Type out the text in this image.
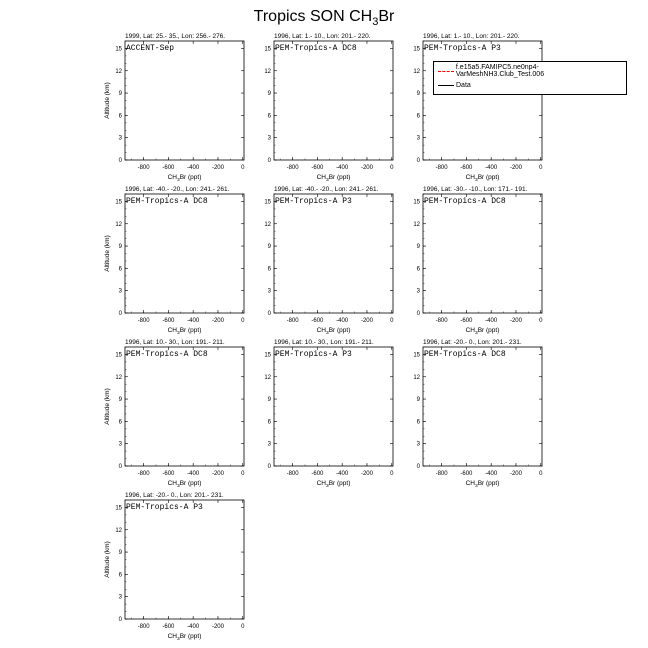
Tropics SON $CH_3Br$
-800 -600 -400 -200	0
0
3
6
9
12
15
1999, Lat: 25.- 35., Lon: 256.- 276.
ACCENT-Sep
$CH_3Br$ (ppt)
Altitude (km)
-800 -600 -400 -200	0
0
3
6
9
12
15
1996, Lat: 1.- 10., Lon: 201.- 220.
PEM-Tropics-A DC8
$CH_3Br$ (ppt)
-800 -600 -400 -200	0
0
3
6
9
12
15
1996, Lat: 1.- 10., Lon: 201.- 220.
PEM-Tropics-A P3
$CH_3Br$ (ppt)
-800 -600 -400 -200	0
0
3
6
9
12
15
1996, Lat: -40.- -20., Lon: 241.- 261.
PEM-Tropics-A DC8
$CH_3Br$ (ppt)
Altitude (km)
-800 -600 -400 -200	0
0
3
6
9
12
15
1996, Lat: -40.- -20., Lon: 241.- 261.
PEM-Tropics-A P3
$CH_3Br$ (ppt)
-800 -600 -400 -200	0
0
3
6
9
12
15
1996, Lat: -30.- -10., Lon: 171.- 191.
PEM-Tropics-A DC8
$CH_3Br$ (ppt)
-800 -600 -400 -200	0
0
3
6
9
12
15
1996, Lat: 10.- 30., Lon: 191.- 211.
PEM-Tropics-A DC8
$CH_3Br$ (ppt)
Altitude (km)
-800 -600 -400 -200	0
0
3
6
9
12
15
1996, Lat: 10.- 30., Lon: 191.- 211.
PEM-Tropics-A P3
$CH_3Br$ (ppt)
-800 -600 -400 -200	0
0
3
6
9
12
15
1996, Lat: -20.- 0., Lon: 201.- 231.
PEM-Tropics-A DC8
$CH_3Br$ (ppt)
-800 -600 -400 -200	0
0
3
6
9
12
15
1996, Lat: -20.- 0., Lon: 201.- 231.
PEM-Tropics-A P3
$CH_3Br$ (ppt)
Altitude (km)
f.e15a5.FAMIPC5.ne0np4-VarMeshNH3.Club_Test.006
Data
